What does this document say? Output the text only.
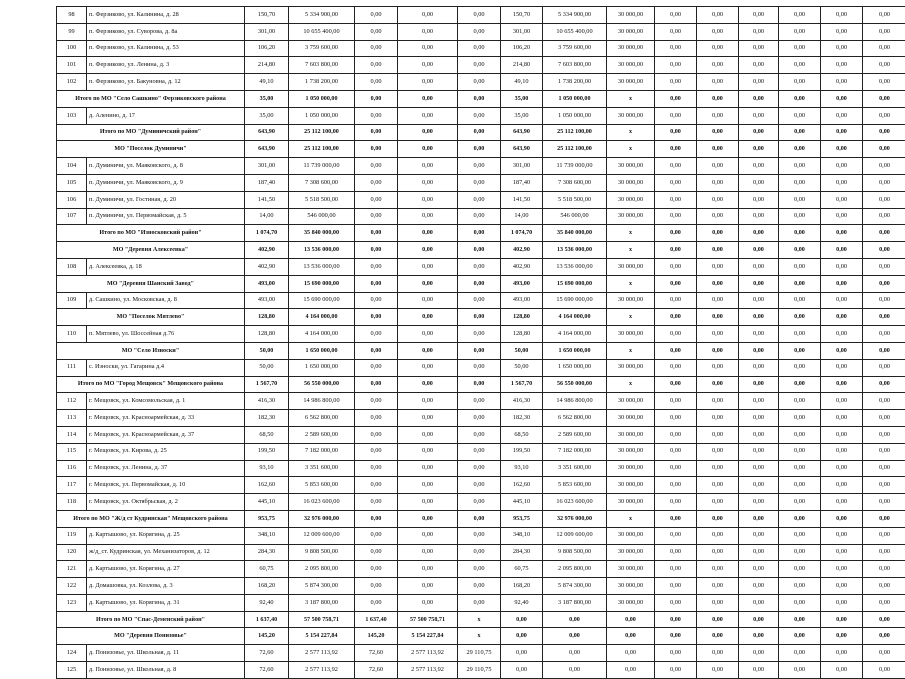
98	п. Ферзиково, ул. Калинина, д. 28	150,70	5 334 900,00	0,00	0,00	0,00	150,70	5 334 900,00	30 000,00	0,00	0,00	0,00	0,00	0,00	0,00
99	п. Ферзиково, ул. Суворова, д. 8а	301,00	10 655 400,00	0,00	0,00	0,00	301,00	10 655 400,00	30 000,00	0,00	0,00	0,00	0,00	0,00	0,00
100	п. Ферзиково, ул. Калинина, д. 53	106,20	3 759 600,00	0,00	0,00	0,00	106,20	3 759 600,00	30 000,00	0,00	0,00	0,00	0,00	0,00	0,00
101	п. Ферзиково, ул. Ленина, д. 3	214,80	7 603 800,00	0,00	0,00	0,00	214,80	7 603 800,00	30 000,00	0,00	0,00	0,00	0,00	0,00	0,00
102	п. Ферзиково, ул. Бакуновна, д. 12	49,10	1 738 200,00	0,00	0,00	0,00	49,10	1 738 200,00	30 000,00	0,00	0,00	0,00	0,00	0,00	0,00
Итого по МО "Село Сашкино" Ферзиковского района		35,00	1 050 000,00	0,00	0,00	0,00	35,00	1 050 000,00	x	0,00	0,00	0,00	0,00	0,00	0,00
103	д. Аленино, д. 17	35,00	1 050 000,00	0,00	0,00	0,00	35,00	1 050 000,00	30 000,00	0,00	0,00	0,00	0,00	0,00	0,00
Итого по МО "Думиничский район"		643,90	25 112 100,00	0,00	0,00	0,00	643,90	25 112 100,00	x	0,00	0,00	0,00	0,00	0,00	0,00
МО "Поселок Думиничи"		643,90	25 112 100,00	0,00	0,00	0,00	643,90	25 112 100,00	x	0,00	0,00	0,00	0,00	0,00	0,00
104	п. Думиничи, ул. Маяковского, д. 8	301,00	11 739 000,00	0,00	0,00	0,00	301,00	11 739 000,00	30 000,00	0,00	0,00	0,00	0,00	0,00	0,00
105	п. Думиничи, ул. Маяковского, д. 9	187,40	7 308 600,00	0,00	0,00	0,00	187,40	7 308 600,00	30 000,00	0,00	0,00	0,00	0,00	0,00	0,00
106	п. Думиничи, ул. Гостиная, д. 20	141,50	5 518 500,00	0,00	0,00	0,00	141,50	5 518 500,00	30 000,00	0,00	0,00	0,00	0,00	0,00	0,00
107	п. Думиничи, ул. Первомайская, д. 5	14,00	546 000,00	0,00	0,00	0,00	14,00	546 000,00	30 000,00	0,00	0,00	0,00	0,00	0,00	0,00
Итого по МО "Износковский район"		1 074,70	35 840 000,00	0,00	0,00	0,00	1 074,70	35 840 000,00	x	0,00	0,00	0,00	0,00	0,00	0,00
МО "Деревня Алексеевка"		402,90	13 536 000,00	0,00	0,00	0,00	402,90	13 536 000,00	x	0,00	0,00	0,00	0,00	0,00	0,00
108	д. Алексеевка, д. 18	402,90	13 536 000,00	0,00	0,00	0,00	402,90	13 536 000,00	30 000,00	0,00	0,00	0,00	0,00	0,00	0,00
МО "Деревня Шанский Завод"		493,00	15 690 000,00	0,00	0,00	0,00	493,00	15 690 000,00	x	0,00	0,00	0,00	0,00	0,00	0,00
109	д. Сашкино, ул. Московская, д. 8	493,00	15 690 000,00	0,00	0,00	0,00	493,00	15 690 000,00	30 000,00	0,00	0,00	0,00	0,00	0,00	0,00
МО "Поселок Мятлево"		128,80	4 164 000,00	0,00	0,00	0,00	128,80	4 164 000,00	x	0,00	0,00	0,00	0,00	0,00	0,00
110	п. Мятлево, ул. Шоссейная д.76	128,80	4 164 000,00	0,00	0,00	0,00	128,80	4 164 000,00	30 000,00	0,00	0,00	0,00	0,00	0,00	0,00
МО "Село Износки"		50,00	1 650 000,00	0,00	0,00	0,00	50,00	1 650 000,00	x	0,00	0,00	0,00	0,00	0,00	0,00
111	с. Износки, ул. Гагарина д.4	50,00	1 650 000,00	0,00	0,00	0,00	50,00	1 650 000,00	30 000,00	0,00	0,00	0,00	0,00	0,00	0,00
Итого по МО "Город Мещовск" Мещовского района		1 567,70	56 550 000,00	0,00	0,00	0,00	1 567,70	56 550 000,00	x	0,00	0,00	0,00	0,00	0,00	0,00
112	г. Мещовск, ул. Комсомольская, д. 1	416,30	14 986 800,00	0,00	0,00	0,00	416,30	14 986 800,00	30 000,00	0,00	0,00	0,00	0,00	0,00	0,00
113	г. Мещовск, ул. Красноармейская, д. 33	182,30	6 562 800,00	0,00	0,00	0,00	182,30	6 562 800,00	30 000,00	0,00	0,00	0,00	0,00	0,00	0,00
114	г. Мещовск, ул. Красноармейская, д. 37	68,50	2 589 600,00	0,00	0,00	0,00	68,50	2 589 600,00	30 000,00	0,00	0,00	0,00	0,00	0,00	0,00
115	г. Мещовск, ул. Кирова, д. 25	199,50	7 182 000,00	0,00	0,00	0,00	199,50	7 182 000,00	30 000,00	0,00	0,00	0,00	0,00	0,00	0,00
116	г. Мещовск, ул. Ленина, д. 37	93,10	3 351 600,00	0,00	0,00	0,00	93,10	3 351 600,00	30 000,00	0,00	0,00	0,00	0,00	0,00	0,00
117	г. Мещовск, ул. Первомайская, д. 10	162,60	5 853 600,00	0,00	0,00	0,00	162,60	5 853 600,00	30 000,00	0,00	0,00	0,00	0,00	0,00	0,00
118	г. Мещовск, ул. Октябрьская, д. 2	445,10	16 023 600,00	0,00	0,00	0,00	445,10	16 023 600,00	30 000,00	0,00	0,00	0,00	0,00	0,00	0,00
Итого по МО "Ж/д ст Кудринская" Мещовского района		953,75	32 976 000,00	0,00	0,00	0,00	953,75	32 976 000,00	x	0,00	0,00	0,00	0,00	0,00	0,00
119	д. Картышово, ул. Корягина, д. 25	348,10	12 009 600,00	0,00	0,00	0,00	348,10	12 009 600,00	30 000,00	0,00	0,00	0,00	0,00	0,00	0,00
120	ж/д_ст. Кудринская, ул. Механизаторов, д. 12	284,30	9 808 500,00	0,00	0,00	0,00	284,30	9 808 500,00	30 000,00	0,00	0,00	0,00	0,00	0,00	0,00
121	д. Картышово, ул. Корягина, д. 27	60,75	2 095 800,00	0,00	0,00	0,00	60,75	2 095 800,00	30 000,00	0,00	0,00	0,00	0,00	0,00	0,00
122	д. Домашовка, ул. Козлова, д. 3	168,20	5 874 300,00	0,00	0,00	0,00	168,20	5 874 300,00	30 000,00	0,00	0,00	0,00	0,00	0,00	0,00
123	д. Картышово, ул. Корягина, д. 31	92,40	3 187 800,00	0,00	0,00	0,00	92,40	3 187 800,00	30 000,00	0,00	0,00	0,00	0,00	0,00	0,00
Итого по МО "Спас-Деменский район"		1 637,40	57 500 758,71	1 637,40	57 500 758,71	x	0,00	0,00	0,00	0,00	0,00	0,00	0,00	0,00	0,00
МО "Деревня Понизовье"		145,20	5 154 227,84	145,20	5 154 227,84	x	0,00	0,00	0,00	0,00	0,00	0,00	0,00	0,00	0,00
124	д. Понизовье, ул. Школьная, д. 11	72,60	2 577 113,92	72,60	2 577 113,92	29 110,75	0,00	0,00	0,00	0,00	0,00	0,00	0,00	0,00	0,00
125	д. Понизовье, ул. Школьная, д. 8	72,60	2 577 113,92	72,60	2 577 113,92	29 110,75	0,00	0,00	0,00	0,00	0,00	0,00	0,00	0,00	0,00
